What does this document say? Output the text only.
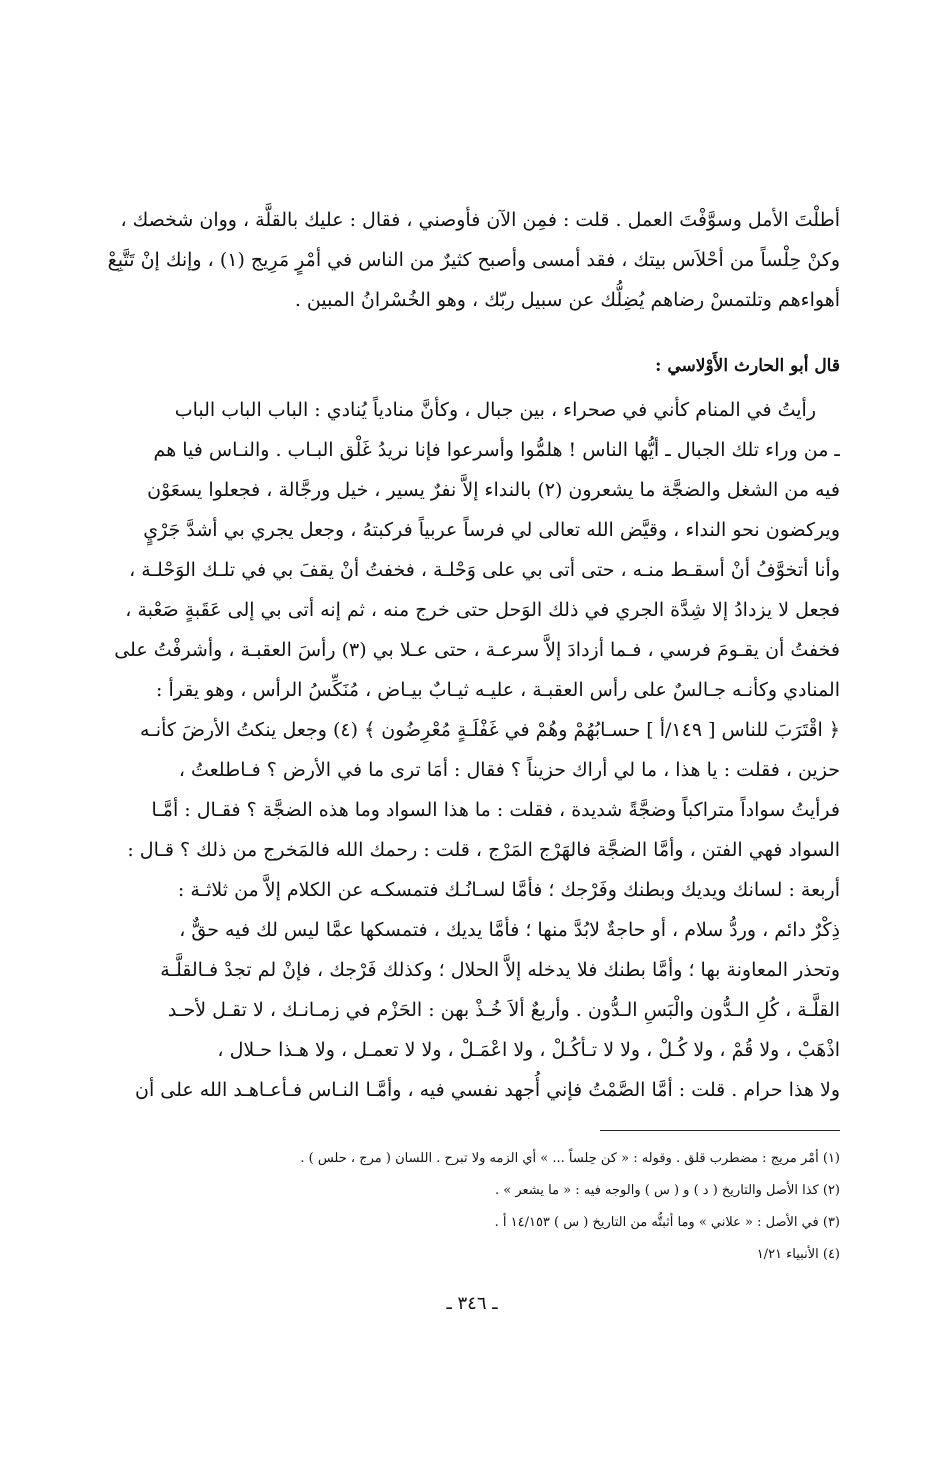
أطلْتَ الأمل وسوَّفْتَ العمل . قلت : فمِن الآن فأوصني ، فقال : عليك بالقلَّة ، ووان شخصك ،
وكنْ حِلْساً من أحْلاَس بيتك ، فقد أمسى وأصبح كثيرٌ من الناس في أمْرٍ مَرِيج (١) ، وإنك إنْ تَتَّبِعْ
أهواءهم وتلتمسْ رضاهم يُضِلُّك عن سبيل ربّك ، وهو الخُسْرانُ المبين .
قال أبو الحارث الأَوْلاسي :
رأيتُ في المنام كأني في صحراء ، بين جبال ، وكأنَّ منادياً يُنادي : الباب الباب الباب
ـ من وراء تلك الجبال ـ أيُّها الناس ! هلمُّوا وأسرعوا فإنا نريدُ غَلْق البـاب . والنـاس فيا هم
فيه من الشغل والضجَّة ما يشعرون (٢) بالنداء إلاَّ نفرٌ يسير ، خيل ورجَّالة ، فجعلوا يسعَوْن
ويركضون نحو النداء ، وقيَّض الله تعالى لي فرساً عربياً فركبتهُ ، وجعل يجري بي أشدَّ جَرْيٍ
وأنا أتخوَّفُ أنْ أسقـط منـه ، حتى أتى بي على وَحْلـة ، فخفتُ أنْ يقفَ بي في تلـك الوَحْلـة ،
فجعل لا يزدادُ إلا شِدَّة الجري في ذلك الوَحل حتى خرج منه ، ثم إنه أتى بي إلى عَقَبةٍ صَعْبة ،
فخفتُ أن يقـومَ فرسي ، فـما أزدادَ إلاَّ سرعـة ، حتى عـلا بي (٣) رأسَ العقبـة ، وأشرفْتُ على
المنادي وكأنـه جـالسٌ على رأس العقبـة ، عليـه ثيـابٌ بيـاض ، مُنَكِّسُ الرأس ، وهو يقرأ :
﴿ اقْتَرَبَ للناس [ ١٤٩/أ ] حسـابُهُمْ وهُمْ في غَفْلَـةٍ مُعْرِضُون ﴾ (٤) وجعل ينكتُ الأرضَ كأنـه
حزين ، فقلت : يا هذا ، ما لي أراك حزيناً ؟ فقال : أمَا ترى ما في الأرض ؟ فـاطلعتُ ،
فرأيتُ سواداً متراكباً وضجَّةً شديدة ، فقلت : ما هذا السواد وما هذه الضجَّة ؟ فقـال : أمَّـا
السواد فهي الفتن ، وأمَّا الضجَّة فالهَرْج المَرْج ، قلت : رحمك الله فالمَخرج من ذلك ؟ قـال :
أربعة : لسانك ويديك وبطنك وفَرْجك ؛ فأمَّا لسـانُـك فتمسكـه عن الكلام إلاَّ من ثلاثـة :
ذِكْرٌ دائم ، وردُّ سلام ، أو حاجةٌ لابُدَّ منها ؛ فأمَّا يديك ، فتمسكها عمَّا ليس لك فيه حقٌّ ،
وتحذر المعاونة بها ؛ وأمَّا بطنك فلا يدخله إلاَّ الحلال ؛ وكذلك فَرْجك ، فإنْ لم تجدْ فـالقلَّـة
القلَّـة ، كُلِ الـدُّون والْبَسِ الـدُّون . وأربعٌ ألاَ خُـذْ بهن : الحَزْم في زمـانـك ، لا تقـل لأحـد
اذْهَبْ ، ولا قُمْ ، ولا كُـلْ ، ولا لا تـأكُـلْ ، ولا اعْمَـلْ ، ولا لا تعمـل ، ولا هـذا حـلال ،
ولا هذا حرام . قلت : أمَّا الصَّمْتُ فإني أُجهد نفسي فيه ، وأمَّـا النـاس فـأعـاهـد الله على أن
(١) أمْر مريج : مضطرب قلق . وقوله : « كن حِلساً ... » أي الزمه ولا تبرح . اللسان ( مرج ، حلس ) .
(٢) كذا الأصل والتاريخ ( د ) و ( س ) والوجه فيه : « ما يشعر » .
(٣) في الأصل : « علاني » وما أثبتُّه من التاريخ ( س ) ١٤/١٥٣ أ .
(٤) الأنبياء ١/٢١
ـ ٣٤٦ ـ
